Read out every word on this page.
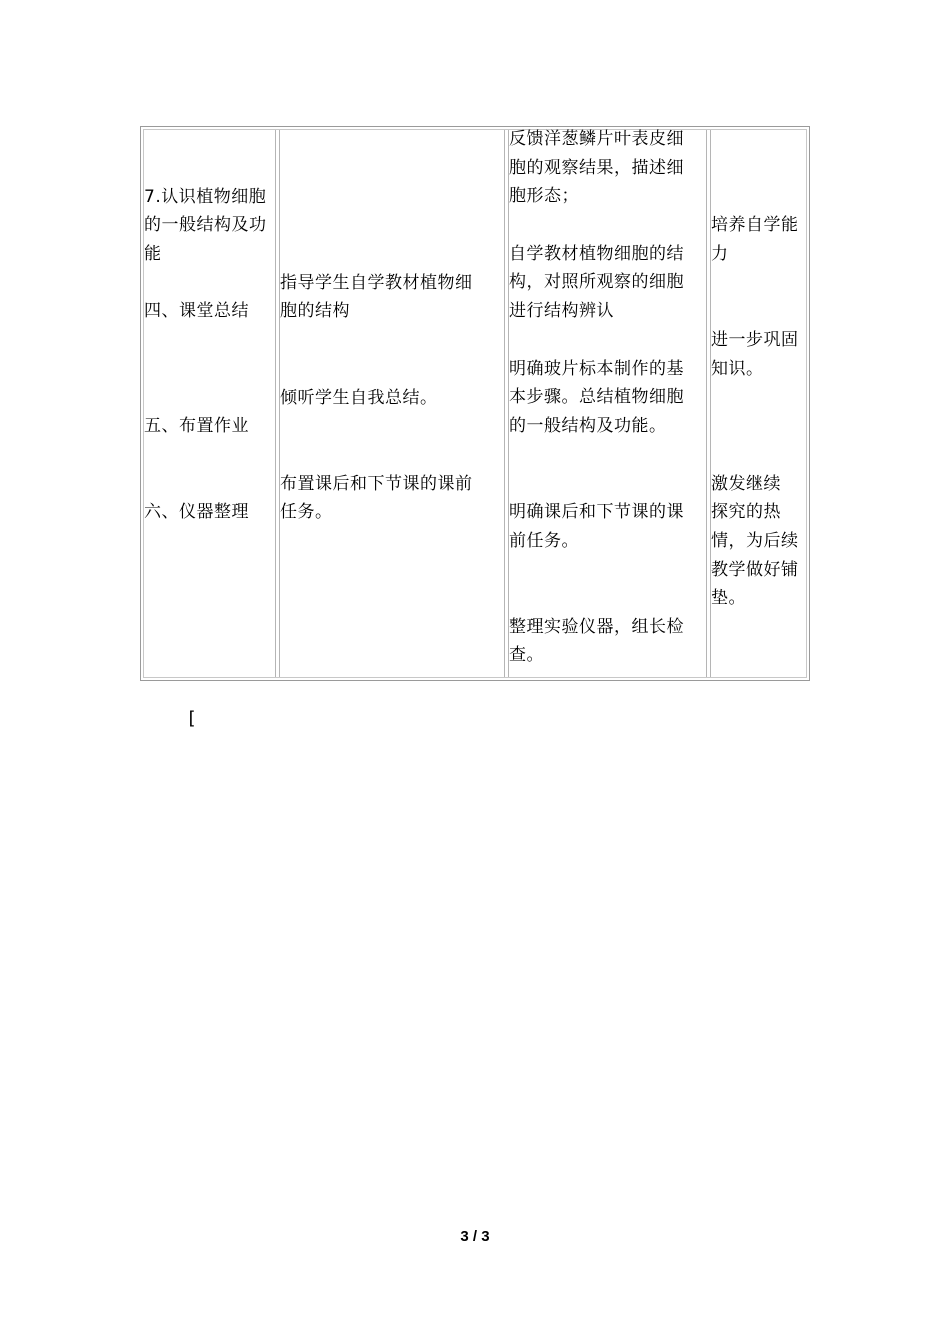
7.认识植物细胞
的一般结构及功
能
四、课堂总结
五、布置作业
六、仪器整理
指导学生自学教材植物细
胞的结构
倾听学生自我总结。
布置课后和下节课的课前
任务。
反馈洋葱鳞片叶表皮细
胞的观察结果，描述细
胞形态；
自学教材植物细胞的结
构，对照所观察的细胞
进行结构辨认
明确玻片标本制作的基
本步骤。总结植物细胞
的一般结构及功能。
明确课后和下节课的课
前任务。
整理实验仪器，组长检
查。
培养自学能
力
进一步巩固
知识。
激发继续
探究的热
情，为后续
教学做好铺
垫。
[
3 / 3
